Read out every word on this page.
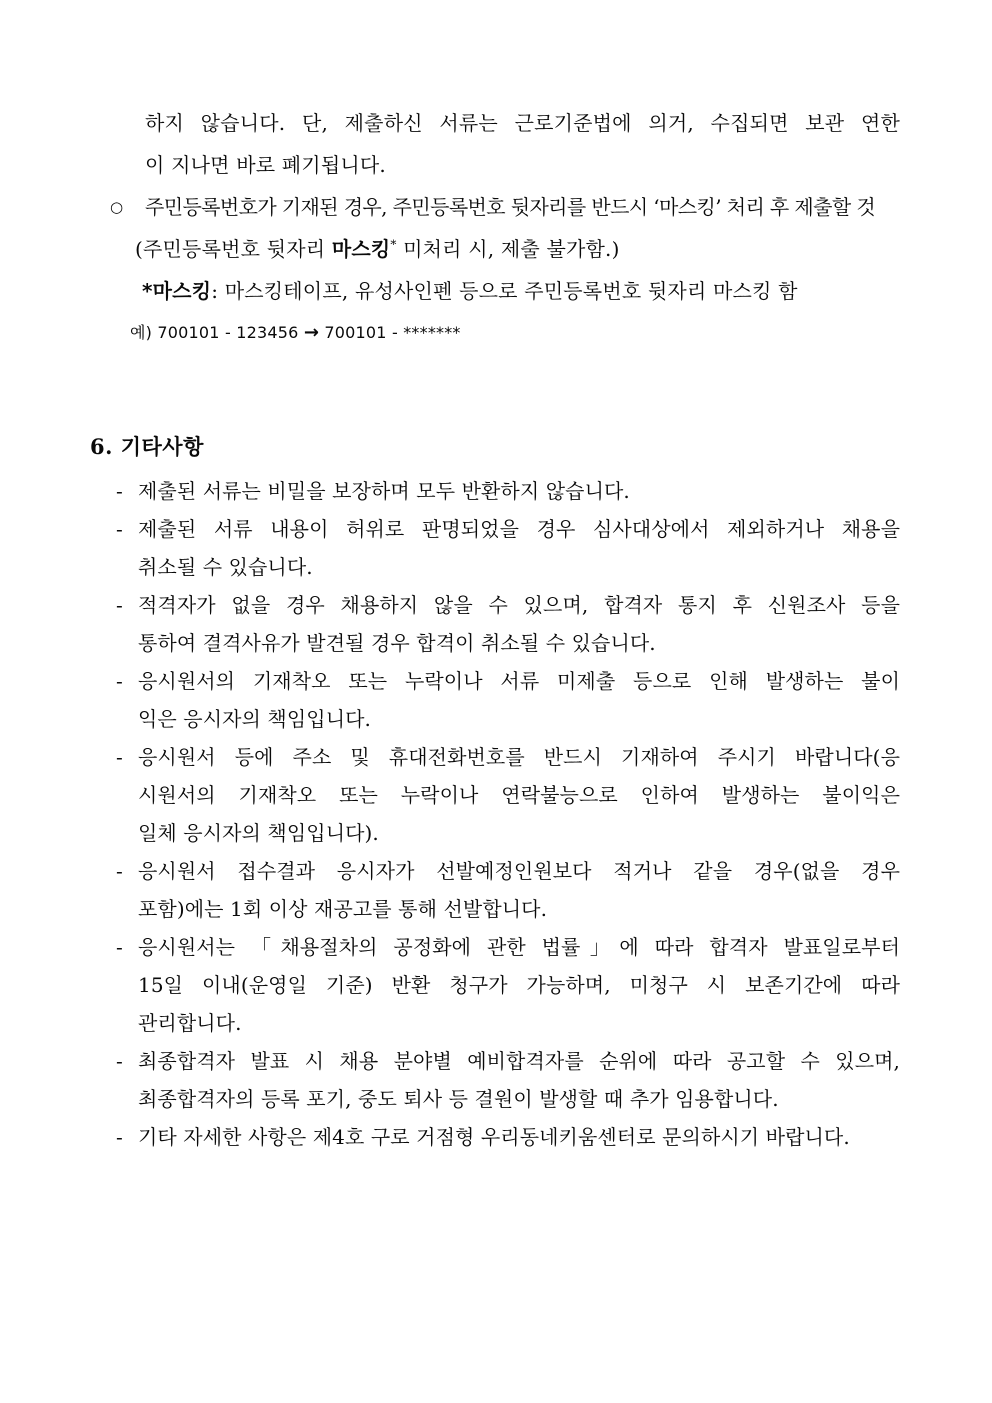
하지 않습니다. 단, 제출하신 서류는 근로기준법에 의거, 수집되면 보관 연한
이 지나면 바로 폐기됩니다.
○ 주민등록번호가 기재된 경우, 주민등록번호 뒷자리를 반드시 ‘마스킹’ 처리 후 제출할 것
(주민등록번호 뒷자리 마스킹* 미처리 시, 제출 불가함.)
*마스킹: 마스킹테이프, 유성사인펜 등으로 주민등록번호 뒷자리 마스킹 함
예) 700101 - 123456 → 700101 - *******
6. 기타사항
- 제출된 서류는 비밀을 보장하며 모두 반환하지 않습니다.
- 제출된 서류 내용이 허위로 판명되었을 경우 심사대상에서 제외하거나 채용을
취소될 수 있습니다.
- 적격자가 없을 경우 채용하지 않을 수 있으며, 합격자 통지 후 신원조사 등을
통하여 결격사유가 발견될 경우 합격이 취소될 수 있습니다.
- 응시원서의 기재착오 또는 누락이나 서류 미제출 등으로 인해 발생하는 불이
익은 응시자의 책임입니다.
- 응시원서 등에 주소 및 휴대전화번호를 반드시 기재하여 주시기 바랍니다(응
시원서의 기재착오 또는 누락이나 연락불능으로 인하여 발생하는 불이익은
일체 응시자의 책임입니다).
- 응시원서 접수결과 응시자가 선발예정인원보다 적거나 같을 경우(없을 경우
포함)에는 1회 이상 재공고를 통해 선발합니다.
- 응시원서는 「채용절차의 공정화에 관한 법률」에 따라 합격자 발표일로부터
15일 이내(운영일 기준) 반환 청구가 가능하며, 미청구 시 보존기간에 따라
관리합니다.
- 최종합격자 발표 시 채용 분야별 예비합격자를 순위에 따라 공고할 수 있으며,
최종합격자의 등록 포기, 중도 퇴사 등 결원이 발생할 때 추가 임용합니다.
- 기타 자세한 사항은 제4호 구로 거점형 우리동네키움센터로 문의하시기 바랍니다.
